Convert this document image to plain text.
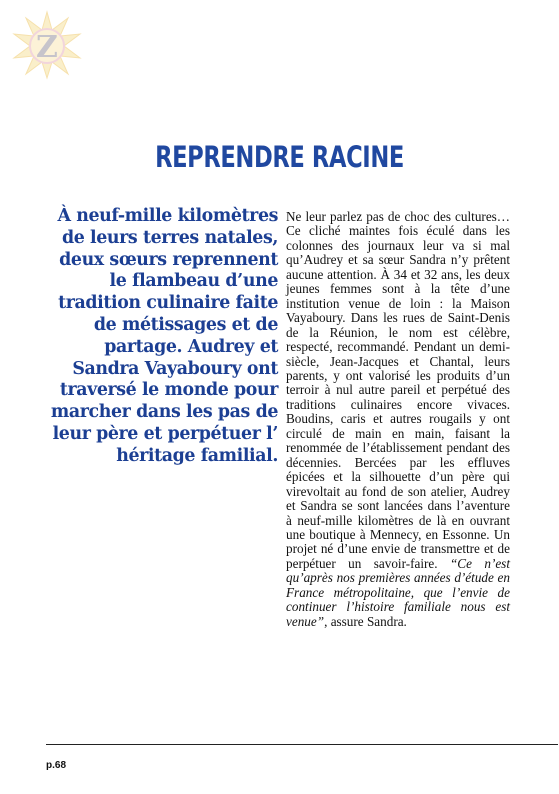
Z
REPRENDRE RACINE
À neuf-mille kilomètres de leurs terres natales, deux sœurs reprennent le flambeau d’une tradition culinaire faite de métissages et de partage. Audrey et Sandra Vayaboury ont traversé le monde pour marcher dans les pas de leur père et perpétuer l’ héritage familial.
Ne leur parlez pas de choc des cultures… Ce cliché maintes fois éculé dans les colonnes des journaux leur va si mal qu’Audrey et sa sœur Sandra n’y prêtent aucune attention. À 34 et 32 ans, les deux jeunes femmes sont à la tête d’une institution venue de loin : la Maison Vayaboury. Dans les rues de Saint-Denis de la Réunion, le nom est célèbre, respecté, recommandé. Pendant un demi-siècle, Jean-Jacques et Chantal, leurs parents, y ont valorisé les produits d’un terroir à nul autre pareil et perpétué des traditions culinaires encore vivaces. Boudins, caris et autres rougails y ont circulé de main en main, faisant la renommée de l’établissement pendant des décennies. Bercées par les effluves épicées et la silhouette d’un père qui virevoltait au fond de son atelier, Audrey et Sandra se sont lancées dans l’aventure à neuf-mille kilomètres de là en ouvrant une boutique à Mennecy, en Essonne. Un projet né d’une envie de transmettre et de perpétuer un savoir-faire. “Ce n’est qu’après nos premières années d’étude en France métropolitaine, que l’envie de continuer l’histoire familiale nous est venue”, assure Sandra.
p.68
